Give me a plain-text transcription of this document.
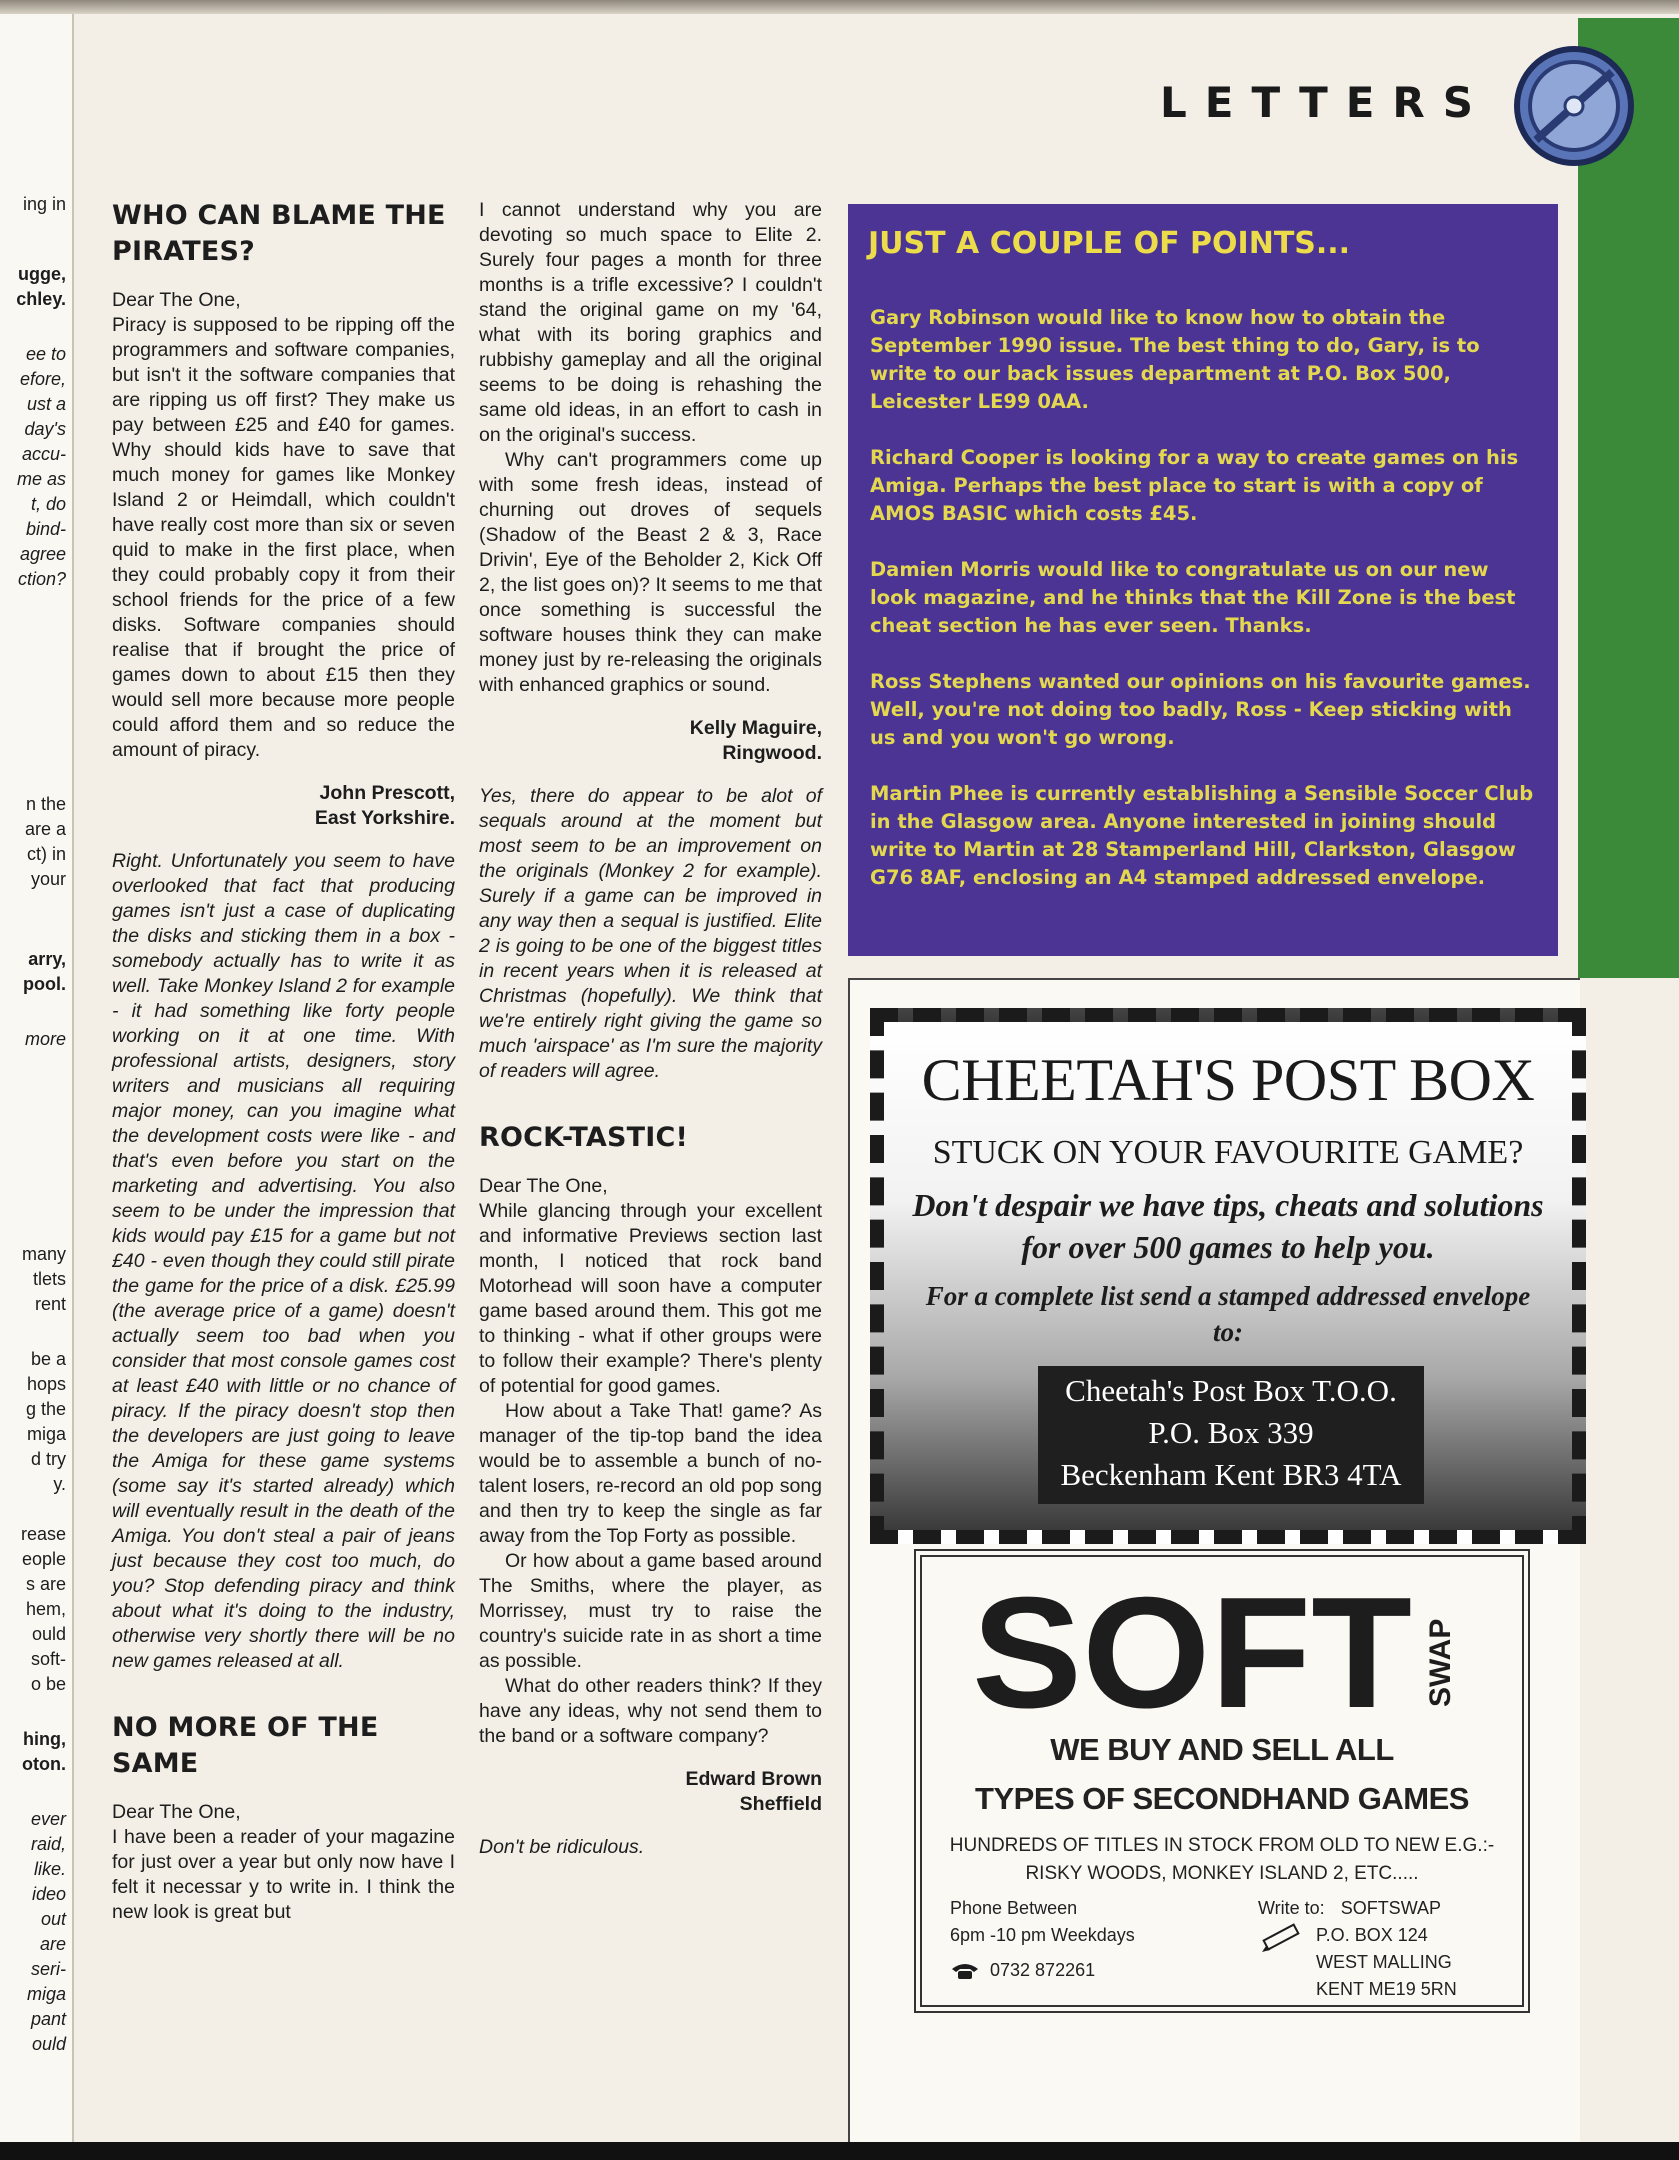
ing in
ugge,
chley.
ee to
efore,
ust a
day's
accu-
me as
t, do
bind-
agree
ction?
n the
are a
ct) in
your
arry,
pool.
more
many
tlets
rent
be a
hops
g the
miga
d try
y.
rease
eople
s are
hem,
ould
soft-
o be
hing,
oton.
ever
raid,
like.
ideo
out
are
seri-
miga
pant
ould
LETTERS
WHO CAN BLAME THE PIRATES?

Dear The One,

Piracy is supposed to be ripping off the programmers and software companies, but isn't it the software companies that are ripping us off first? They make us pay between £25 and £40 for games. Why should kids have to save that much money for games like Monkey Island 2 or Heimdall, which couldn't have really cost more than six or seven quid to make in the first place, when they could probably copy it from their school friends for the price of a few disks. Software companies should realise that if brought the price of games down to about £15 then they would sell more because more people could afford them and so reduce the amount of piracy.

John Prescott,
East Yorkshire.

Right. Unfortunately you seem to have overlooked that fact that producing games isn't just a case of duplicating the disks and sticking them in a box - somebody actually has to write it as well. Take Monkey Island 2 for example - it had something like forty people working on it at one time. With professional artists, designers, story writers and musicians all requiring major money, can you imagine what the development costs were like - and that's even before you start on the marketing and advertising. You also seem to be under the impression that kids would pay £15 for a game but not £40 - even though they could still pirate the game for the price of a disk. £25.99 (the average price of a game) doesn't actually seem too bad when you consider that most console games cost at least £40 with little or no chance of piracy. If the piracy doesn't stop then the developers are just going to leave the Amiga for these game systems (some say it's started already) which will eventually result in the death of the Amiga. You don't steal a pair of jeans just because they cost too much, do you? Stop defending piracy and think about what it's doing to the industry, otherwise very shortly there will be no new games released at all.

NO MORE OF THE SAME

Dear The One,

I have been a reader of your magazine for just over a year but only now have I felt it necessar y to write in. I think the new look is great but

I cannot understand why you are devoting so much space to Elite 2. Surely four pages a month for three months is a trifle excessive? I couldn't stand the original game on my '64, what with its boring graphics and rubbishy gameplay and all the original seems to be doing is rehashing the same old ideas, in an effort to cash in on the original's success.

Why can't programmers come up with some fresh ideas, instead of churning out droves of sequels (Shadow of the Beast 2 & 3, Race Drivin', Eye of the Beholder 2, Kick Off 2, the list goes on)? It seems to me that once something is successful the software houses think they can make money just by re-releasing the originals with enhanced graphics or sound.

Kelly Maguire,
Ringwood.

Yes, there do appear to be alot of sequals around at the moment but most seem to be an improvement on the originals (Monkey 2 for example). Surely if a game can be improved in any way then a sequal is justified. Elite 2 is going to be one of the biggest titles in recent years when it is released at Christmas (hopefully). We think that we're entirely right giving the game so much 'airspace' as I'm sure the majority of readers will agree.

ROCK-TASTIC!

Dear The One,

While glancing through your excellent and informative Previews section last month, I noticed that rock band Motorhead will soon have a computer game based around them. This got me to thinking - what if other groups were to follow their example? There's plenty of potential for good games.

How about a Take That! game? As manager of the tip-top band the idea would be to assemble a bunch of no-talent losers, re-record an old pop song and then try to keep the single as far away from the Top Forty as possible.

Or how about a game based around The Smiths, where the player, as Morrissey, must try to raise the country's suicide rate in as short a time as possible.

What do other readers think? If they have any ideas, why not send them to the band or a software company?

Edward Brown
Sheffield

Don't be ridiculous.

JUST A COUPLE OF POINTS...

Gary Robinson would like to know how to obtain the September 1990 issue. The best thing to do, Gary, is to write to our back issues department at P.O. Box 500, Leicester LE99 0AA.

Richard Cooper is looking for a way to create games on his Amiga. Perhaps the best place to start is with a copy of AMOS BASIC which costs £45.

Damien Morris would like to congratulate us on our new look magazine, and he thinks that the Kill Zone is the best cheat section he has ever seen. Thanks.

Ross Stephens wanted our opinions on his favourite games. Well, you're not doing too badly, Ross - Keep sticking with us and you won't go wrong.

Martin Phee is currently establishing a Sensible Soccer Club in the Glasgow area. Anyone interested in joining should write to Martin at 28 Stamperland Hill, Clarkston, Glasgow G76 8AF, enclosing an A4 stamped addressed envelope.

CHEETAH'S POST BOX
STUCK ON YOUR FAVOURITE GAME?
Don't despair we have tips, cheats and solutions for over 500 games to help you.
For a complete list send a stamped addressed envelope to:
Cheetah's Post Box T.O.O.
P.O. Box 339
Beckenham Kent BR3 4TA
SOFT SWAP
WE BUY AND SELL ALL
TYPES OF SECONDHAND GAMES
HUNDREDS OF TITLES IN STOCK FROM OLD TO NEW E.G.:- RISKY WOODS, MONKEY ISLAND 2, ETC.....
Phone Between
6pm -10 pm Weekdays
0732 872261
Write to: SOFTSWAP
P.O. BOX 124
WEST MALLING
KENT ME19 5RN
